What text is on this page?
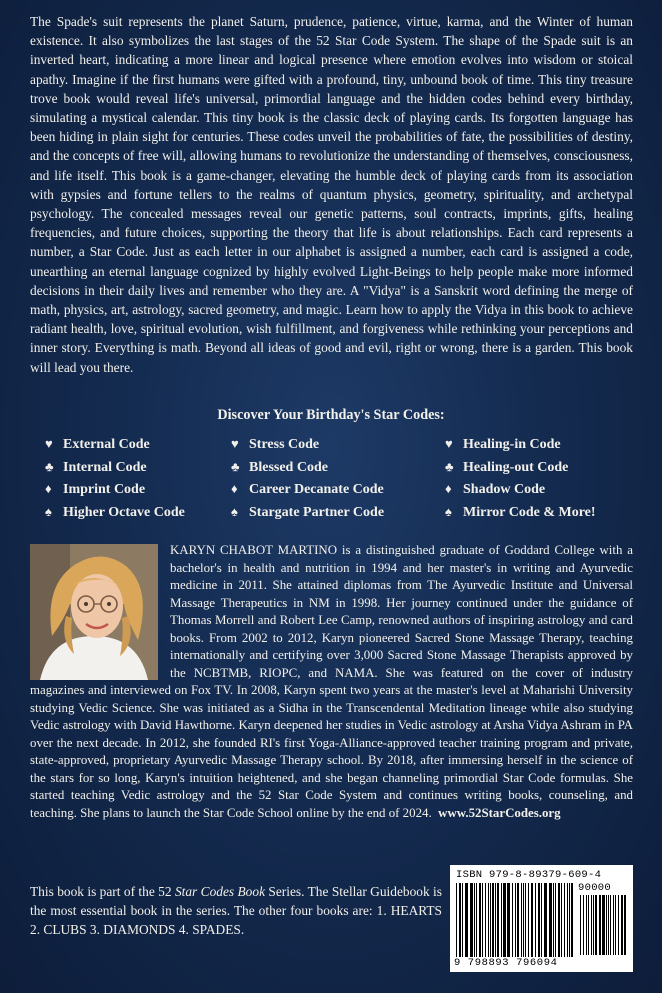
The Spade's suit represents the planet Saturn, prudence, patience, virtue, karma, and the Winter of human existence. It also symbolizes the last stages of the 52 Star Code System. The shape of the Spade suit is an inverted heart, indicating a more linear and logical presence where emotion evolves into wisdom or stoical apathy. Imagine if the first humans were gifted with a profound, tiny, unbound book of time. This tiny treasure trove book would reveal life's universal, primordial language and the hidden codes behind every birthday, simulating a mystical calendar. This tiny book is the classic deck of playing cards. Its forgotten language has been hiding in plain sight for centuries. These codes unveil the probabilities of fate, the possibilities of destiny, and the concepts of free will, allowing humans to revolutionize the understanding of themselves, consciousness, and life itself. This book is a game-changer, elevating the humble deck of playing cards from its association with gypsies and fortune tellers to the realms of quantum physics, geometry, spirituality, and archetypal psychology. The concealed messages reveal our genetic patterns, soul contracts, imprints, gifts, healing frequencies, and future choices, supporting the theory that life is about relationships. Each card represents a number, a Star Code. Just as each letter in our alphabet is assigned a number, each card is assigned a code, unearthing an eternal language cognized by highly evolved Light-Beings to help people make more informed decisions in their daily lives and remember who they are. A "Vidya" is a Sanskrit word defining the merge of math, physics, art, astrology, sacred geometry, and magic. Learn how to apply the Vidya in this book to achieve radiant health, love, spiritual evolution, wish fulfillment, and forgiveness while rethinking your perceptions and inner story. Everything is math. Beyond all ideas of good and evil, right or wrong, there is a garden. This book will lead you there.
Discover Your Birthday's Star Codes:
♥ External Code	♥ Stress Code	♥ Healing-in Code
♣ Internal Code	♣ Blessed Code	♣ Healing-out Code
♦ Imprint Code	♦ Career Decanate Code	♦ Shadow Code
♠ Higher Octave Code	♠ Stargate Partner Code	♠ Mirror Code & More!
KARYN CHABOT MARTINO is a distinguished graduate of Goddard College with a bachelor's in health and nutrition in 1994 and her master's in writing and Ayurvedic medicine in 2011. She attained diplomas from The Ayurvedic Institute and Universal Massage Therapeutics in NM in 1998. Her journey continued under the guidance of Thomas Morrell and Robert Lee Camp, renowned authors of inspiring astrology and card books. From 2002 to 2012, Karyn pioneered Sacred Stone Massage Therapy, teaching internationally and certifying over 3,000 Sacred Stone Massage Therapists approved by the NCBTMB, RIOPC, and NAMA. She was featured on the cover of industry magazines and interviewed on Fox TV. In 2008, Karyn spent two years at the master's level at Maharishi University studying Vedic Science. She was initiated as a Sidha in the Transcendental Meditation lineage while also studying Vedic astrology with David Hawthorne. Karyn deepened her studies in Vedic astrology at Arsha Vidya Ashram in PA over the next decade. In 2012, she founded RI's first Yoga-Alliance-approved teacher training program and private, state-approved, proprietary Ayurvedic Massage Therapy school. By 2018, after immersing herself in the science of the stars for so long, Karyn's intuition heightened, and she began channeling primordial Star Code formulas. She started teaching Vedic astrology and the 52 Star Code System and continues writing books, counseling, and teaching. She plans to launch the Star Code School online by the end of 2024. www.52StarCodes.org
This book is part of the 52 Star Codes Book Series. The Stellar Guidebook is the most essential book in the series. The other four books are: 1. HEARTS 2. CLUBS 3. DIAMONDS 4. SPADES.
ISBN 979-8-89379-609-4
90000
9 798893 796094
